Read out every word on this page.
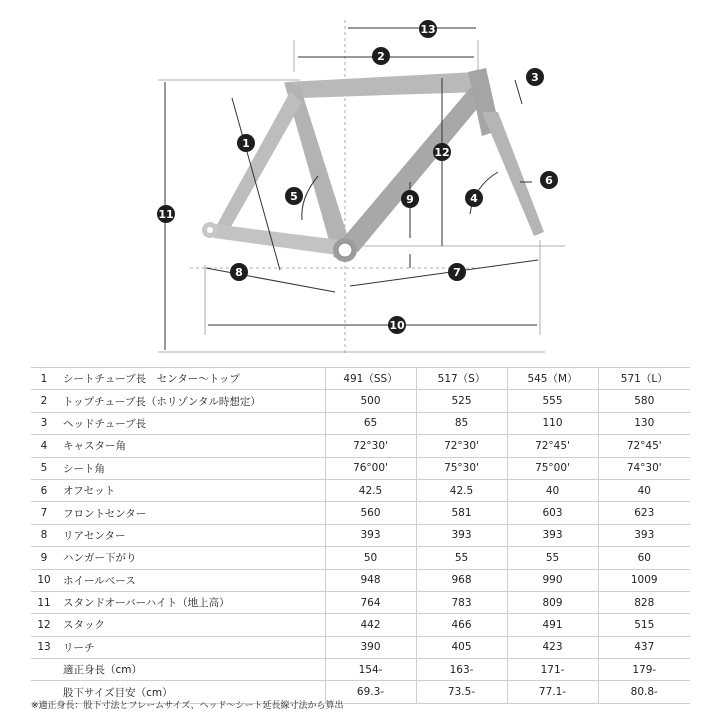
1
2
3
4
5
6
7
8
9
10
11
12
13
1	シートチューブ長　センター〜トップ	491（SS）	517（S）	545（M）	571（L）
2	トップチューブ長（ホリゾンタル時想定）	500	525	555	580
3	ヘッドチューブ長	65	85	110	130
4	キャスター角	72°30'	72°30'	72°45'	72°45'
5	シート角	76°00'	75°30'	75°00'	74°30'
6	オフセット	42.5	42.5	40	40
7	フロントセンター	560	581	603	623
8	リアセンター	393	393	393	393
9	ハンガー下がり	50	55	55	60
10	ホイールベース	948	968	990	1009
11	スタンドオーバーハイト（地上高）	764	783	809	828
12	スタック	442	466	491	515
13	リーチ	390	405	423	437
	適正身長（cm）	154-	163-	171-	179-
	股下サイズ目安（cm）	69.3-	73.5-	77.1-	80.8-
※適正身長：股下寸法とフレームサイズ、ヘッド〜シート延長線寸法から算出
